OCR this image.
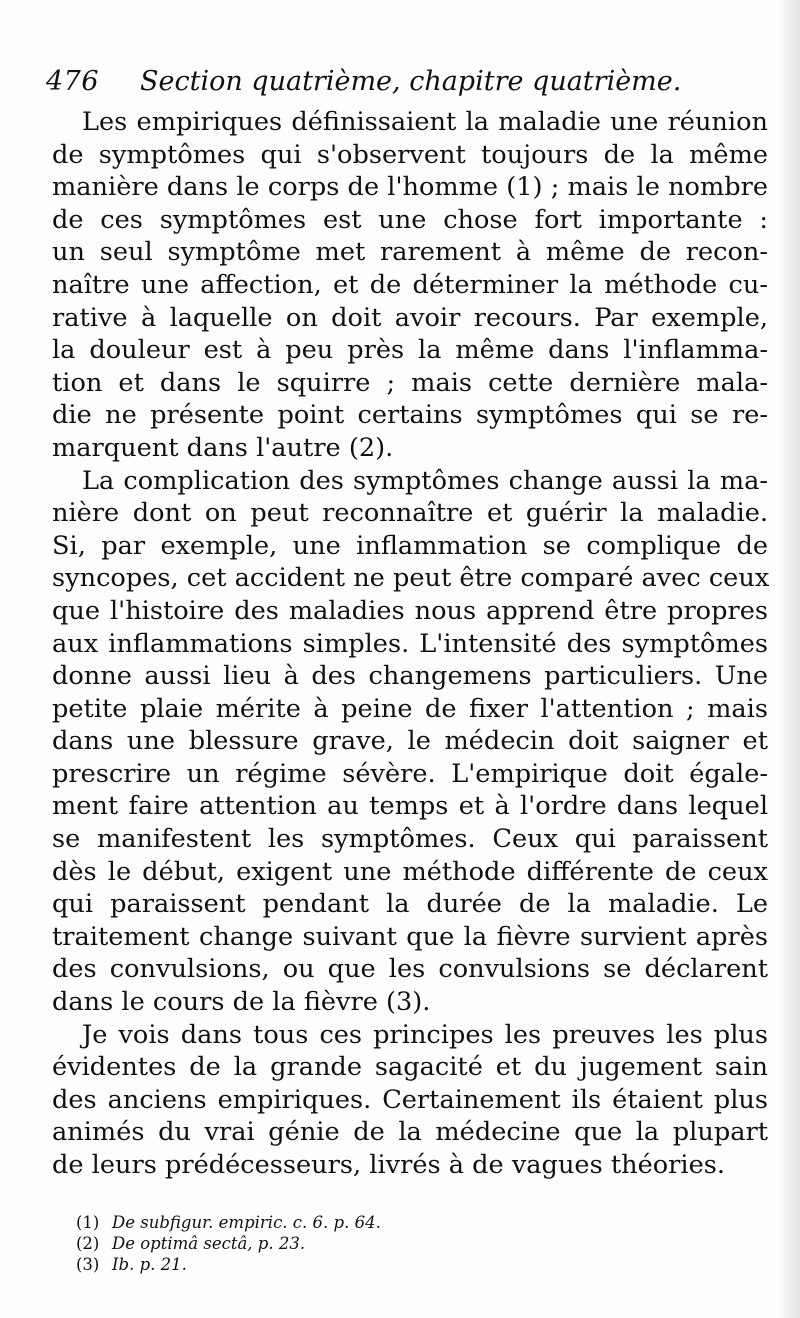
476 Section quatrième, chapitre quatrième.
Les empiriques définissaient la maladie une réunion
de symptômes qui s'observent toujours de la même
manière dans le corps de l'homme (1) ; mais le nombre
de ces symptômes est une chose fort importante :
un seul symptôme met rarement à même de recon-
naître une affection, et de déterminer la méthode cu-
rative à laquelle on doit avoir recours. Par exemple,
la douleur est à peu près la même dans l'inflamma-
tion et dans le squirre ; mais cette dernière mala-
die ne présente point certains symptômes qui se re-
marquent dans l'autre (2).
La complication des symptômes change aussi la ma-
nière dont on peut reconnaître et guérir la maladie.
Si, par exemple, une inflammation se complique de
syncopes, cet accident ne peut être comparé avec ceux
que l'histoire des maladies nous apprend être propres
aux inflammations simples. L'intensité des symptômes
donne aussi lieu à des changemens particuliers. Une
petite plaie mérite à peine de fixer l'attention ; mais
dans une blessure grave, le médecin doit saigner et
prescrire un régime sévère. L'empirique doit égale-
ment faire attention au temps et à l'ordre dans lequel
se manifestent les symptômes. Ceux qui paraissent
dès le début, exigent une méthode différente de ceux
qui paraissent pendant la durée de la maladie. Le
traitement change suivant que la fièvre survient après
des convulsions, ou que les convulsions se déclarent
dans le cours de la fièvre (3).
Je vois dans tous ces principes les preuves les plus
évidentes de la grande sagacité et du jugement sain
des anciens empiriques. Certainement ils étaient plus
animés du vrai génie de la médecine que la plupart
de leurs prédécesseurs, livrés à de vagues théories.
(1) De subfigur. empiric. c. 6. p. 64.
(2) De optimâ sectâ, p. 23.
(3) Ib. p. 21.
